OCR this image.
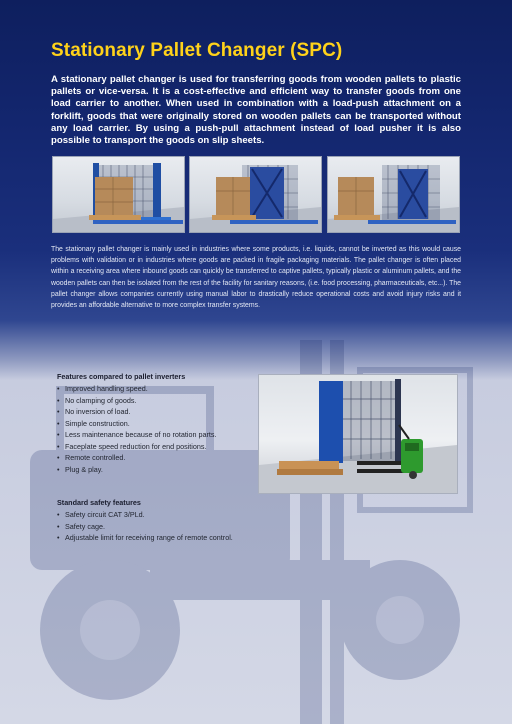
Stationary Pallet Changer (SPC)

A stationary pallet changer is used for transferring goods from wooden pallets to plastic pallets or vice-versa. It is a cost-effective and efficient way to transfer goods from one load carrier to another. When used in combination with a load-push attachment on a forklift, goods that were originally stored on wooden pallets can be transported without any load carrier. By using a push-pull attachment instead of load pusher it is also possible to transport the goods on slip sheets.

The stationary pallet changer is mainly used in industries where some products, i.e. liquids, cannot be inverted as this would cause problems with validation or in industries where goods are packed in fragile packaging materials. The pallet changer is often placed within a receiving area where inbound goods can quickly be transferred to captive pallets, typically plastic or aluminum pallets, and the wooden pallets can then be isolated from the rest of the facility for sanitary reasons, (i.e. food processing, pharmaceuticals, etc...). The pallet changer allows companies currently using manual labor to drastically reduce operational costs and avoid injury risks and it provides an affordable alternative to more complex transfer systems.

Features compared to pallet inverters
• Improved handling speed.
• No clamping of goods.
• No inversion of load.
• Simple construction.
• Less maintenance because of no rotation parts.
• Faceplate speed reduction for end positions.
• Remote controlled.
• Plug & play.
Standard safety features
• Safety circuit CAT 3/PLd.
• Safety cage.
• Adjustable limit for receiving range of remote control.
